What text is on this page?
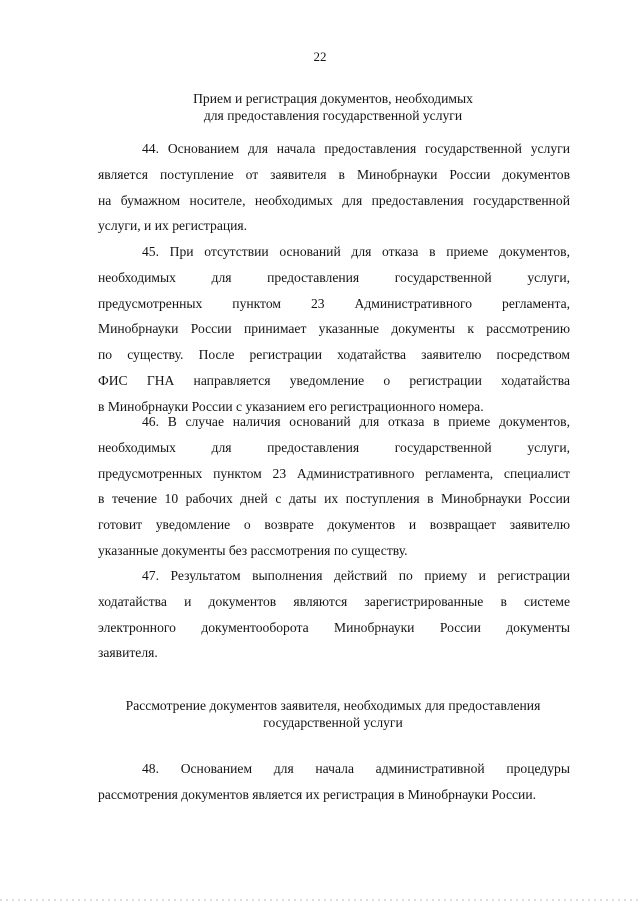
22
Прием и регистрация документов, необходимых
для предоставления государственной услуги
44. Основанием для начала предоставления государственной услуги
является поступление от заявителя в Минобрнауки России документов
на бумажном носителе, необходимых для предоставления государственной
услуги, и их регистрация.
45. При отсутствии оснований для отказа в приеме документов,
необходимых для предоставления государственной услуги,
предусмотренных пунктом 23 Административного регламента,
Минобрнауки России принимает указанные документы к рассмотрению
по существу. После регистрации ходатайства заявителю посредством
ФИС ГНА направляется уведомление о регистрации ходатайства
в Минобрнауки России с указанием его регистрационного номера.
46. В случае наличия оснований для отказа в приеме документов,
необходимых для предоставления государственной услуги,
предусмотренных пунктом 23 Административного регламента, специалист
в течение 10 рабочих дней с даты их поступления в Минобрнауки России
готовит уведомление о возврате документов и возвращает заявителю
указанные документы без рассмотрения по существу.
47. Результатом выполнения действий по приему и регистрации
ходатайства и документов являются зарегистрированные в системе
электронного документооборота Минобрнауки России документы
заявителя.
Рассмотрение документов заявителя, необходимых для предоставления
государственной услуги
48. Основанием для начала административной процедуры
рассмотрения документов является их регистрация в Минобрнауки России.
